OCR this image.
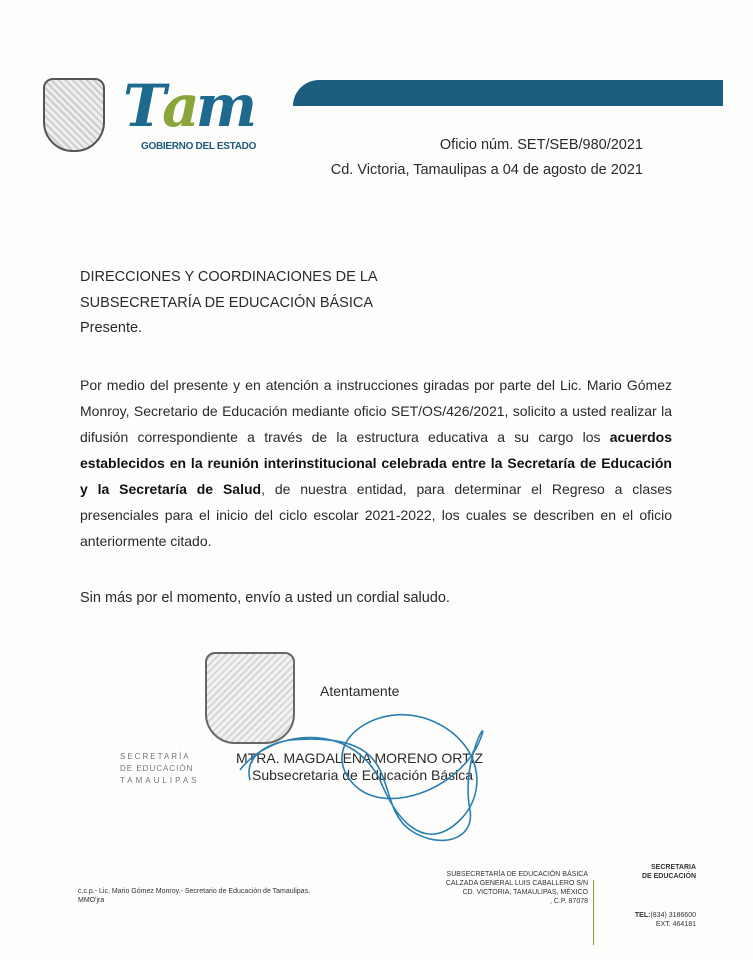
Tam
GOBIERNO DEL ESTADO	Oficio núm. SET/SEB/980/2021
Cd. Victoria, Tamaulipas a 04 de agosto de 2021
DIRECCIONES Y COORDINACIONES DE LA
SUBSECRETARÍA DE EDUCACIÓN BÁSICA
Presente.

Por medio del presente y en atención a instrucciones giradas por parte del Lic. Mario Gómez Monroy, Secretario de Educación mediante oficio SET/OS/426/2021, solicito a usted realizar la difusión correspondiente a través de la estructura educativa a su cargo los acuerdos establecidos en la reunión interinstitucional celebrada entre la Secretaría de Educación y la Secretaría de Salud, de nuestra entidad, para determinar el Regreso a clases presenciales para el inicio del ciclo escolar 2021-2022, los cuales se describen en el oficio anteriormente citado.

Sin más por el momento, envío a usted un cordial saludo.
Atentamente
MTRA. MAGDALENA MORENO ORTÍZ
Subsecretaria de Educación Básica
SECRETARÍA
DE EDUCACIÓN
TAMAULIPAS
c.c.p.- Lic. Mario Gómez Monroy.- Secretario de Educación de Tamaulipas.
MMO'jra
SUBSECRETARÍA DE EDUCACIÓN BÁSICA
CALZADA GENERAL LUIS CABALLERO S/N
CD. VICTORIA, TAMAULIPAS, MÉXICO
, C.P. 87078
SECRETARIA
DE EDUCACIÓN
TEL:(834) 3186600
EXT. 464181
